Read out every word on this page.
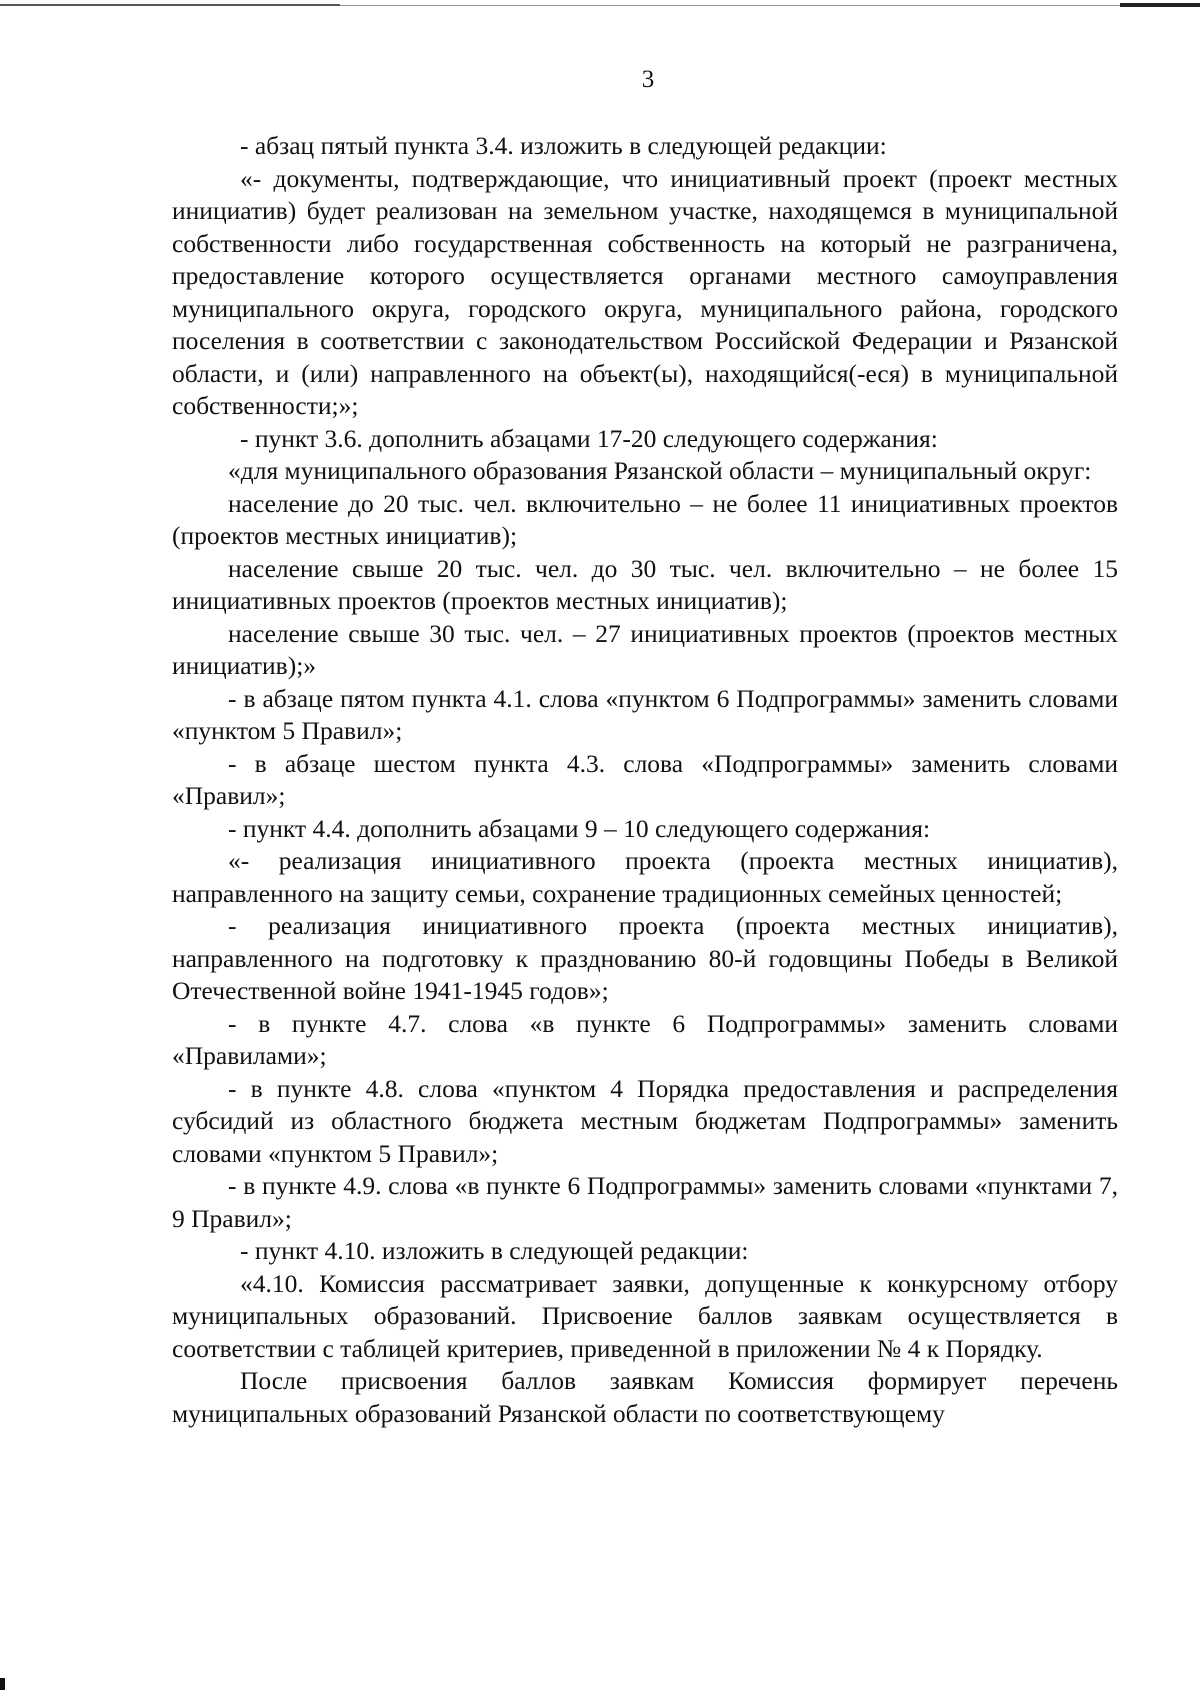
3

- абзац пятый пункта 3.4. изложить в следующей редакции:

«- документы, подтверждающие, что инициативный проект (проект местных инициатив) будет реализован на земельном участке, находящемся в муниципальной собственности либо государственная собственность на который не разграничена, предоставление которого осуществляется органами местного самоуправления муниципального округа, городского округа, муниципального района, городского поселения в соответствии с законодательством Российской Федерации и Рязанской области, и (или) направленного на объект(ы), находящийся(-еся) в муниципальной собственности;»;

- пункт 3.6. дополнить абзацами 17-20 следующего содержания:

«для муниципального образования Рязанской области – муниципальный округ:

население до 20 тыс. чел. включительно – не более 11 инициативных проектов (проектов местных инициатив);

население свыше 20 тыс. чел. до 30 тыс. чел. включительно – не более 15 инициативных проектов (проектов местных инициатив);

население свыше 30 тыс. чел. – 27 инициативных проектов (проектов местных инициатив);»

- в абзаце пятом пункта 4.1. слова «пунктом 6 Подпрограммы» заменить словами «пунктом 5 Правил»;

- в абзаце шестом пункта 4.3. слова «Подпрограммы» заменить словами «Правил»;

- пункт 4.4. дополнить абзацами 9 – 10 следующего содержания:

«- реализация инициативного проекта (проекта местных инициатив), направленного на защиту семьи, сохранение традиционных семейных ценностей;

- реализация инициативного проекта (проекта местных инициатив), направленного на подготовку к празднованию 80-й годовщины Победы в Великой Отечественной войне 1941-1945 годов»;

- в пункте 4.7. слова «в пункте 6 Подпрограммы» заменить словами «Правилами»;

- в пункте 4.8. слова «пунктом 4 Порядка предоставления и распределения субсидий из областного бюджета местным бюджетам Подпрограммы» заменить словами «пунктом 5 Правил»;

- в пункте 4.9. слова «в пункте 6 Подпрограммы» заменить словами «пунктами 7, 9 Правил»;

- пункт 4.10. изложить в следующей редакции:

«4.10. Комиссия рассматривает заявки, допущенные к конкурсному отбору муниципальных образований. Присвоение баллов заявкам осуществляется в соответствии с таблицей критериев, приведенной в приложении № 4 к Порядку.

После присвоения баллов заявкам Комиссия формирует перечень муниципальных образований Рязанской области по соответствующему
